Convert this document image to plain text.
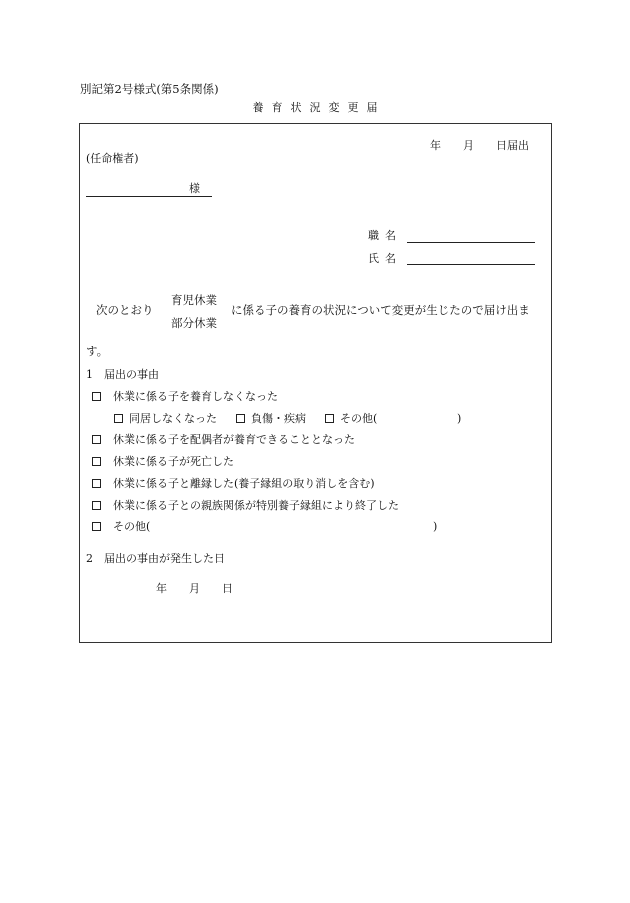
別記第2号様式(第5条関係)
養育状況変更届
年　　月　　日届出
(任命権者)
様
職名
氏名
次のとおり
育児休業
部分休業
に係る子の養育の状況について変更が生じたので届け出ま
す。
1　届出の事由
休業に係る子を養育しなくなった
同居しなくなった	負傷・疾病	その他(	)
休業に係る子を配偶者が養育できることとなった
休業に係る子が死亡した
休業に係る子と離縁した(養子縁組の取り消しを含む)
休業に係る子との親族関係が特別養子縁組により終了した
その他(	)
2　届出の事由が発生した日
年　　月　　日
